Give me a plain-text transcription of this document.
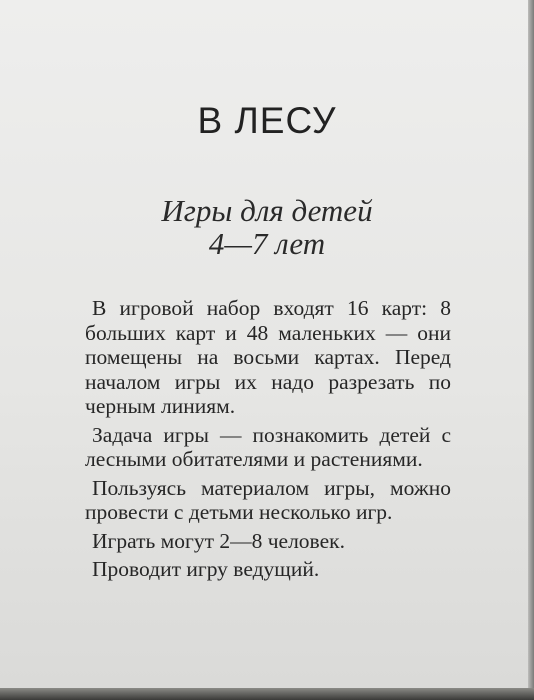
В ЛЕСУ
Игры для детей
4—7 лет

В игровой набор входят 16 карт: 8 больших карт и 48 маленьких — они помещены на восьми картах. Перед началом игры их надо разрезать по черным линиям.

Задача игры — познакомить детей с лесными обитателями и растениями.

Пользуясь материалом игры, можно провести с детьми несколько игр.

Играть могут 2—8 человек.

Проводит игру ведущий.
